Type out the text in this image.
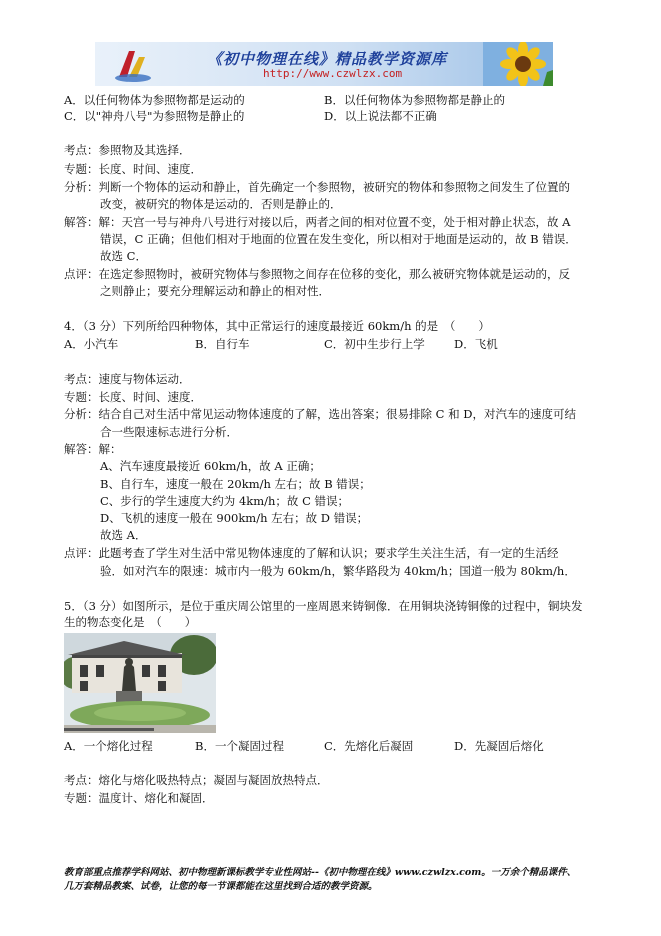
《初中物理在线》精品教学资源库
http://www.czwlzx.com
A．以任何物体为参照物都是运动的	B．以任何物体为参照物都是静止的
C．以"神舟八号"为参照物是静止的	D．以上说法都不正确
考点：参照物及其选择．
专题：长度、时间、速度．
分析：判断一个物体的运动和静止，首先确定一个参照物，被研究的物体和参照物之间发生了位置的
改变，被研究的物体是运动的．否则是静止的．
解答：解：天宫一号与神舟八号进行对接以后，两者之间的相对位置不变，处于相对静止状态，故 A
错误，C 正确；但他们相对于地面的位置在发生变化，所以相对于地面是运动的，故 B 错误．
故选 C．
点评：在选定参照物时，被研究物体与参照物之间存在位移的变化，那么被研究物体就是运动的，反
之则静止；要充分理解运动和静止的相对性．
4．（3 分）下列所给四种物体，其中正常运行的速度最接近 60km/h 的是　（　　）
A．小汽车	B．自行车	C．初中生步行上学	D．飞机
考点：速度与物体运动．
专题：长度、时间、速度．
分析：结合自己对生活中常见运动物体速度的了解，选出答案；很易排除 C 和 D，对汽车的速度可结
合一些限速标志进行分析．
解答：解：
A、汽车速度最接近 60km/h，故 A 正确；
B、自行车，速度一般在 20km/h 左右；故 B 错误；
C、步行的学生速度大约为 4km/h；故 C 错误；
D、飞机的速度一般在 900km/h 左右；故 D 错误；
故选 A．
点评：此题考查了学生对生活中常见物体速度的了解和认识；要求学生关注生活，有一定的生活经
验．如对汽车的限速：城市内一般为 60km/h，繁华路段为 40km/h；国道一般为 80km/h．
5．（3 分）如图所示，是位于重庆周公馆里的一座周恩来铸铜像．在用铜块浇铸铜像的过程中，铜块发
生的物态变化是　（　　）
A．一个熔化过程	B．一个凝固过程	C．先熔化后凝固	D．先凝固后熔化
考点：熔化与熔化吸热特点；凝固与凝固放热特点．
专题：温度计、熔化和凝固．
教育部重点推荐学科网站、初中物理新课标教学专业性网站--《初中物理在线》www.czwlzx.com。一万余个精品课件、
几万套精品教案、试卷，让您的每一节课都能在这里找到合适的教学资源。
